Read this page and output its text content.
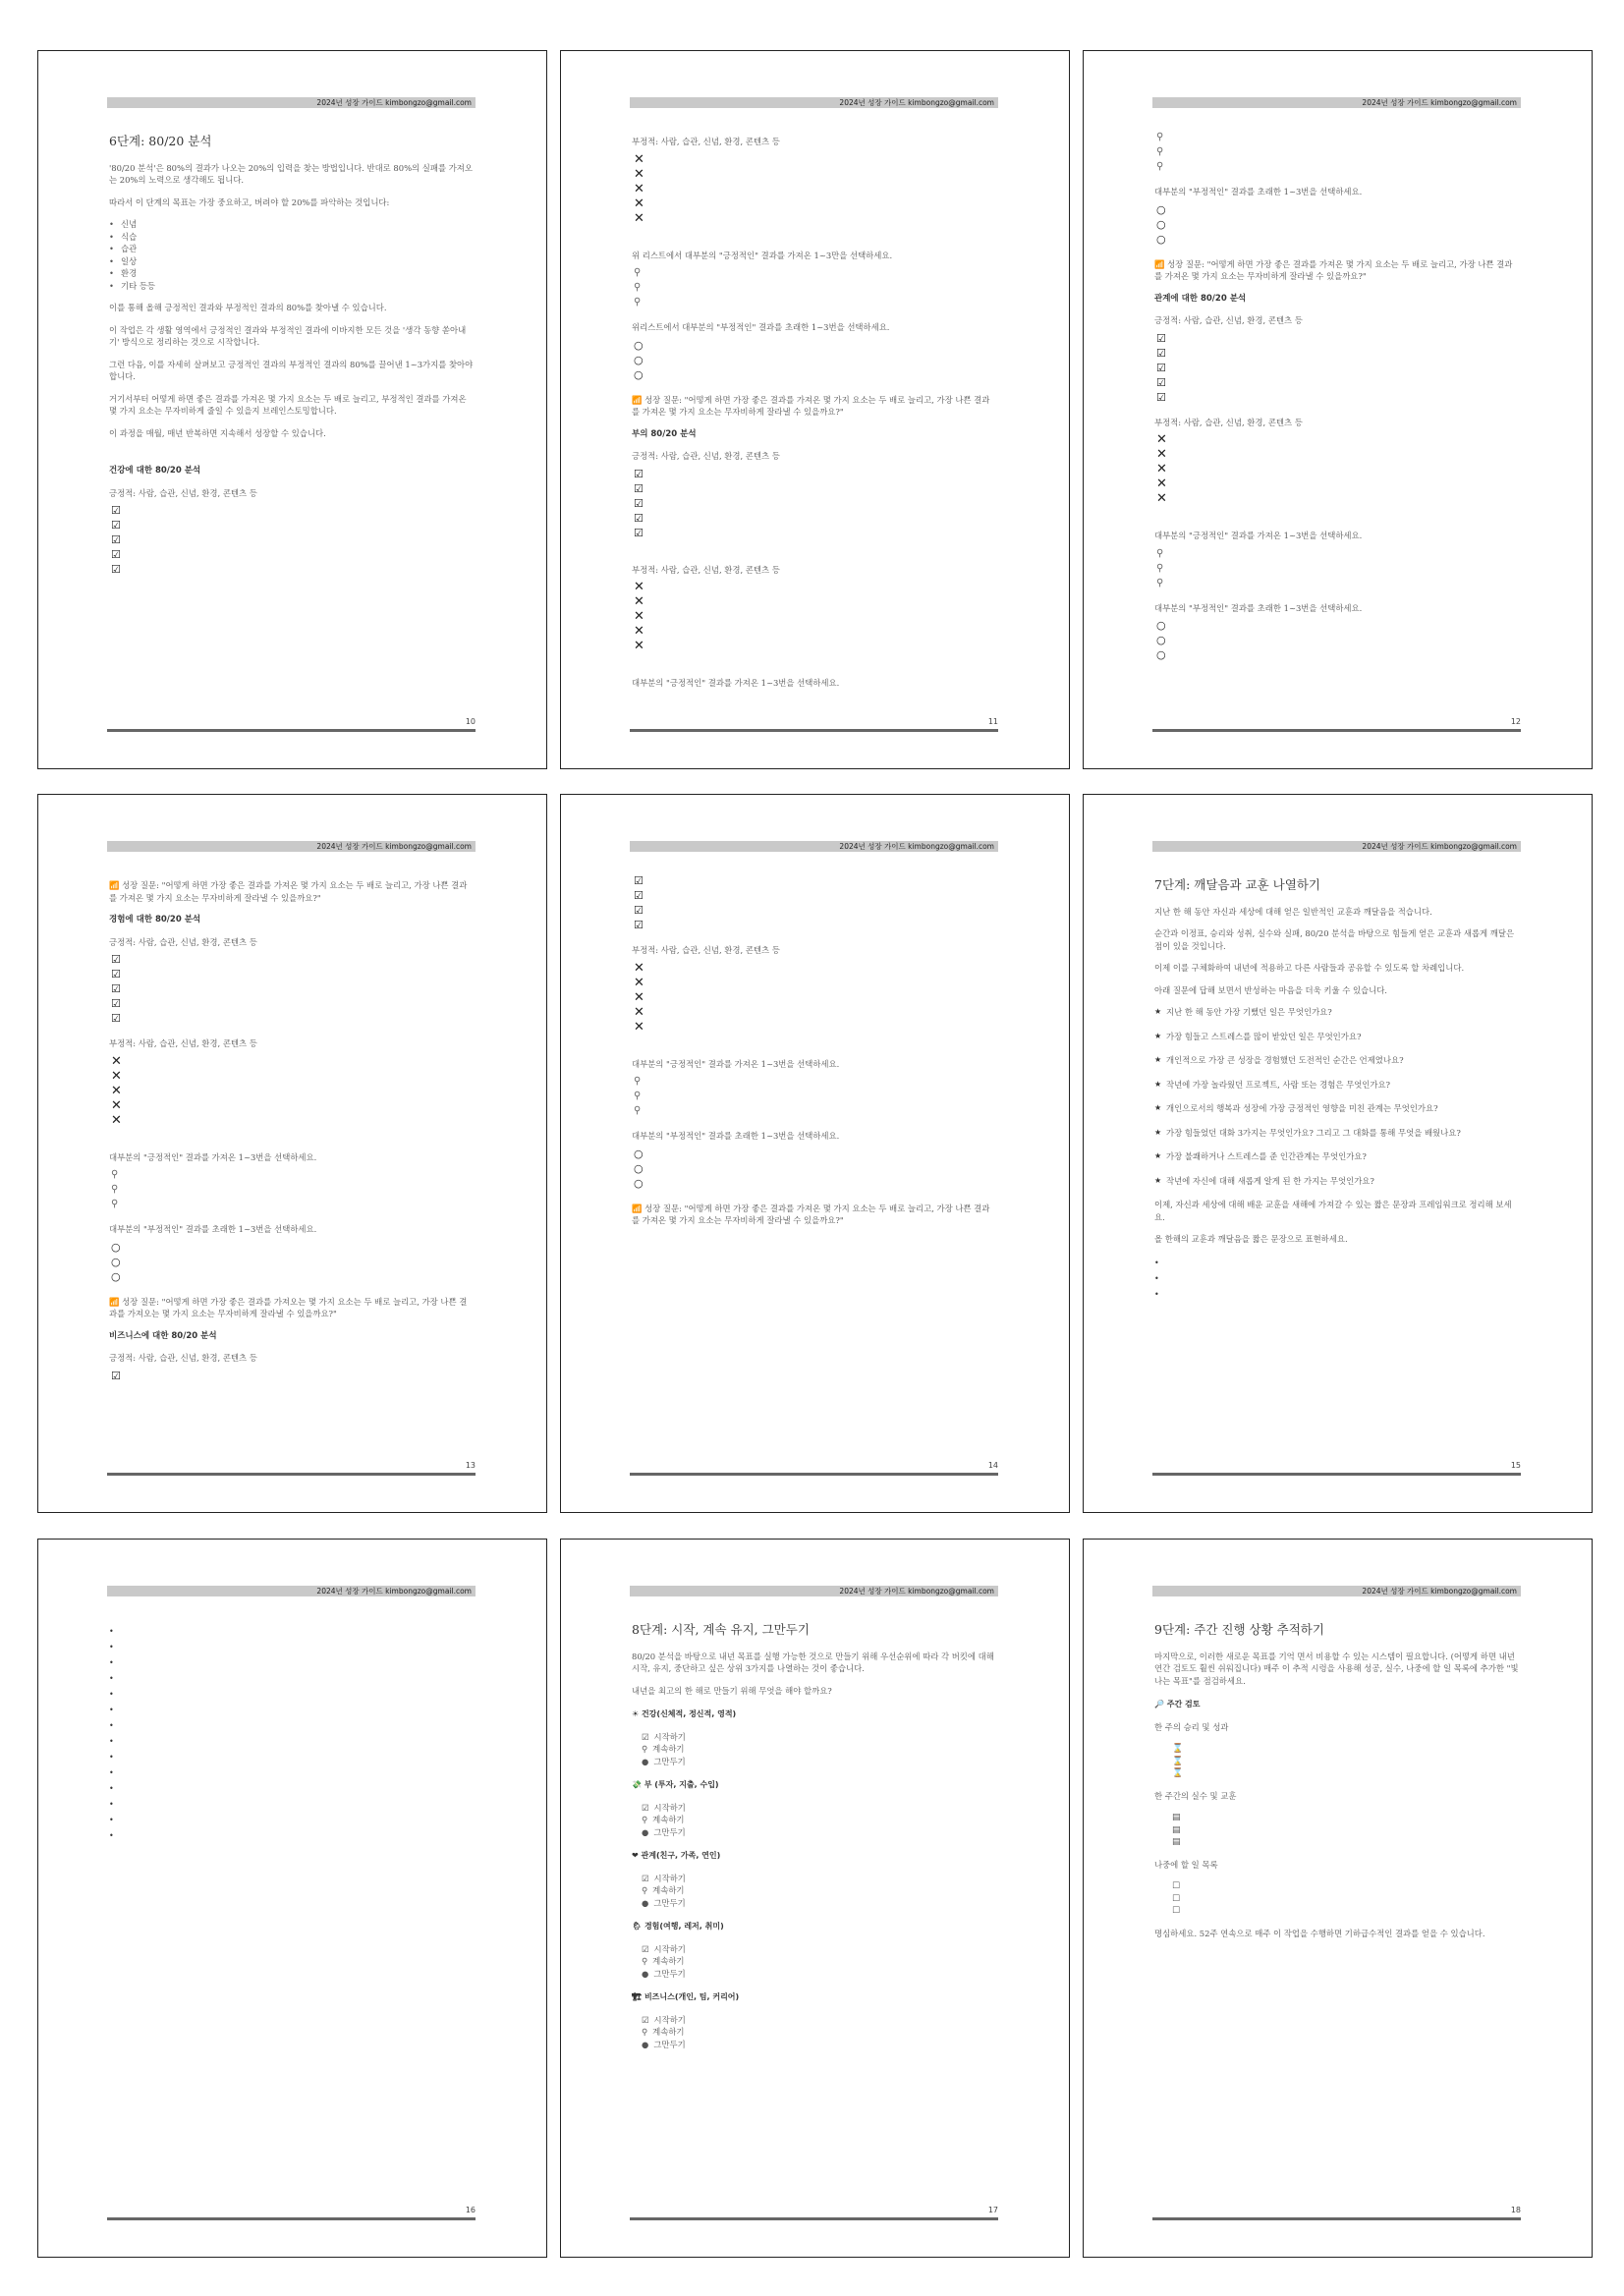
2024년 성장 가이드 kimbongzo@gmail.com
6단계: 80/20 분석
'80/20 분석'은 80%의 결과가 나오는 20%의 입력을 찾는 방법입니다. 반대로 80%의 실패를 가져오는 20%의 노력으로 생각해도 됩니다.
따라서 이 단계의 목표는 가장 중요하고, 버려야 할 20%를 파악하는 것입니다:
• 신념
• 식습
• 습관
• 일상
• 환경
• 기타 등등
이를 통해 올해 긍정적인 결과와 부정적인 결과의 80%를 찾아낼 수 있습니다.
이 작업은 각 생활 영역에서 긍정적인 결과와 부정적인 결과에 이바지한 모든 것을 '생각 동향 쏟아내기' 방식으로 정리하는 것으로 시작합니다.
그런 다음, 이를 자세히 살펴보고 긍정적인 결과의 부정적인 결과의 80%를 끌어낸 1~3가지를 찾아야 합니다.
거기서부터 어떻게 하면 좋은 결과를 가져온 몇 가지 요소는 두 배로 늘리고, 부정적인 결과를 가져온 몇 가지 요소는 무자비하게 줄일 수 있을지 브레인스토밍합니다.
이 과정을 매월, 매년 반복하면 지속해서 성장할 수 있습니다.
건강에 대한 80/20 분석
긍정적: 사람, 습관, 신념, 환경, 콘텐츠 등
☑
☑
☑
☑
☑
10
2024년 성장 가이드 kimbongzo@gmail.com
부정적: 사람, 습관, 신념, 환경, 콘텐츠 등
✕
✕
✕
✕
✕
위 리스트에서 대부분의 "긍정적인" 결과를 가져온 1~3만을 선택하세요.
⚲
⚲
⚲
위리스트에서 대부분의 "부정적인" 결과를 초래한 1~3번을 선택하세요.
○
○
○
📶 성장 질문: "어떻게 하면 가장 좋은 결과를 가져온 몇 가지 요소는 두 배로 늘리고, 가장 나쁜 결과를 가져온 몇 가지 요소는 무자비하게 잘라낼 수 있을까요?"
부의 80/20 분석
긍정적: 사람, 습관, 신념, 환경, 콘텐츠 등
☑
☑
☑
☑
☑
부정적: 사람, 습관, 신념, 환경, 콘텐츠 등
✕
✕
✕
✕
✕
대부분의 "긍정적인" 결과를 가져온 1~3번을 선택하세요.
11
2024년 성장 가이드 kimbongzo@gmail.com
⚲
⚲
⚲
대부분의 "부정적인" 결과를 초래한 1~3번을 선택하세요.
○
○
○
📶 성장 질문: "어떻게 하면 가장 좋은 결과를 가져온 몇 가지 요소는 두 배로 늘리고, 가장 나쁜 결과를 가져온 몇 가지 요소는 무자비하게 잘라낼 수 있을까요?"
관계에 대한 80/20 분석
긍정적: 사람, 습관, 신념, 환경, 콘텐츠 등
☑
☑
☑
☑
☑
부정적: 사람, 습관, 신념, 환경, 콘텐츠 등
✕
✕
✕
✕
✕
대부분의 "긍정적인" 결과를 가져온 1~3번을 선택하세요.
⚲
⚲
⚲
대부분의 "부정적인" 결과를 초래한 1~3번을 선택하세요.
○
○
○
12
2024년 성장 가이드 kimbongzo@gmail.com
📶 성장 질문: "어떻게 하면 가장 좋은 결과를 가져온 몇 가지 요소는 두 배로 늘리고, 가장 나쁜 결과를 가져온 몇 가지 요소는 무자비하게 잘라낼 수 있을까요?"
경험에 대한 80/20 분석
긍정적: 사람, 습관, 신념, 환경, 콘텐츠 등
☑
☑
☑
☑
☑
부정적: 사람, 습관, 신념, 환경, 콘텐츠 등
✕
✕
✕
✕
✕
대부분의 "긍정적인" 결과를 가져온 1~3번을 선택하세요.
⚲
⚲
⚲
대부분의 "부정적인" 결과를 초래한 1~3번을 선택하세요.
○
○
○
📶 성장 질문: "어떻게 하면 가장 좋은 결과를 가져오는 몇 가지 요소는 두 배로 늘리고, 가장 나쁜 결과를 가져오는 몇 가지 요소는 무자비하게 잘라낼 수 있을까요?"
비즈니스에 대한 80/20 분석
긍정적: 사람, 습관, 신념, 환경, 콘텐츠 등
☑
13
2024년 성장 가이드 kimbongzo@gmail.com
☑
☑
☑
☑
부정적: 사람, 습관, 신념, 환경, 콘텐츠 등
✕
✕
✕
✕
✕
대부분의 "긍정적인" 결과를 가져온 1~3번을 선택하세요.
⚲
⚲
⚲
대부분의 "부정적인" 결과를 초래한 1~3번을 선택하세요.
○
○
○
📶 성장 질문: "어떻게 하면 가장 좋은 결과를 가져온 몇 가지 요소는 두 배로 늘리고, 가장 나쁜 결과를 가져온 몇 가지 요소는 무자비하게 잘라낼 수 있을까요?"
14
2024년 성장 가이드 kimbongzo@gmail.com
7단계: 깨달음과 교훈 나열하기
지난 한 해 동안 자신과 세상에 대해 얻은 일반적인 교훈과 깨달음을 적습니다.
순간과 이정표, 승리와 성취, 실수와 실패, 80/20 분석을 바탕으로 힘들게 얻은 교훈과 새롭게 깨달은 점이 있을 것입니다.
이제 이를 구체화하여 내년에 적용하고 다른 사람들과 공유할 수 있도록 할 차례입니다.
아래 질문에 답해 보면서 반성하는 마음을 더욱 키울 수 있습니다.
★ 지난 한 해 동안 가장 기뻤던 일은 무엇인가요?
★ 가장 힘들고 스트레스를 많이 받았던 일은 무엇인가요?
★ 개인적으로 가장 큰 성장을 경험했던 도전적인 순간은 언제였나요?
★ 작년에 가장 놀라웠던 프로젝트, 사람 또는 경험은 무엇인가요?
★ 개인으로서의 행복과 성장에 가장 긍정적인 영향을 미친 관계는 무엇인가요?
★ 가장 힘들었던 대화 3가지는 무엇인가요? 그리고 그 대화를 통해 무엇을 배웠나요?
★ 가장 불쾌하거나 스트레스를 준 인간관계는 무엇인가요?
★ 작년에 자신에 대해 새롭게 알게 된 한 가지는 무엇인가요?
이제, 자신과 세상에 대해 배운 교훈을 새해에 가져갈 수 있는 짧은 문장과 프레임워크로 정리해 보세요.
올 한해의 교훈과 깨달음을 짧은 문장으로 표현하세요.
•
•
•
15
2024년 성장 가이드 kimbongzo@gmail.com
•
•
•
•
•
•
•
•
•
•
•
•
•
•
16
2024년 성장 가이드 kimbongzo@gmail.com
8단계: 시작, 계속 유지, 그만두기
80/20 분석을 바탕으로 내년 목표를 실행 가능한 것으로 만들기 위해 우선순위에 따라 각 버킷에 대해 시작, 유지, 중단하고 싶은 상위 3가지를 나열하는 것이 좋습니다.
내년을 최고의 한 해로 만들기 위해 무엇을 해야 할까요?
☀ 건강(신체적, 정신적, 영적)
☑ 시작하기
⚲ 계속하기
● 그만두기
💸 부 (투자, 지출, 수입)
☑ 시작하기
⚲ 계속하기
● 그만두기
❤ 관계(친구, 가족, 연인)
☑ 시작하기
⚲ 계속하기
● 그만두기
🌦 경험(여행, 레저, 취미)
☑ 시작하기
⚲ 계속하기
● 그만두기
🏗 비즈니스(개인, 팀, 커리어)
☑ 시작하기
⚲ 계속하기
● 그만두기
17
2024년 성장 가이드 kimbongzo@gmail.com
9단계: 주간 진행 상황 추적하기
마지막으로, 이러한 새로운 목표를 기억 면서 비용할 수 있는 시스템이 필요합니다. (어떻게 하면 내년 연간 검토도 훨씬 쉬워집니다) 매주 이 추적 시렁을 사용해 성공, 실수, 나중에 할 일 목록에 추가한 "빛나는 목표"를 점검하세요.
🔎 주간 검토
한 주의 승리 및 성과
⌛
⌛
⌛
한 주간의 실수 및 교훈
▤
▤
▤
나중에 할 일 목록
☐
☐
☐
명심하세요. 52주 연속으로 매주 이 작업을 수행하면 기하급수적인 결과를 얻을 수 있습니다.
18
